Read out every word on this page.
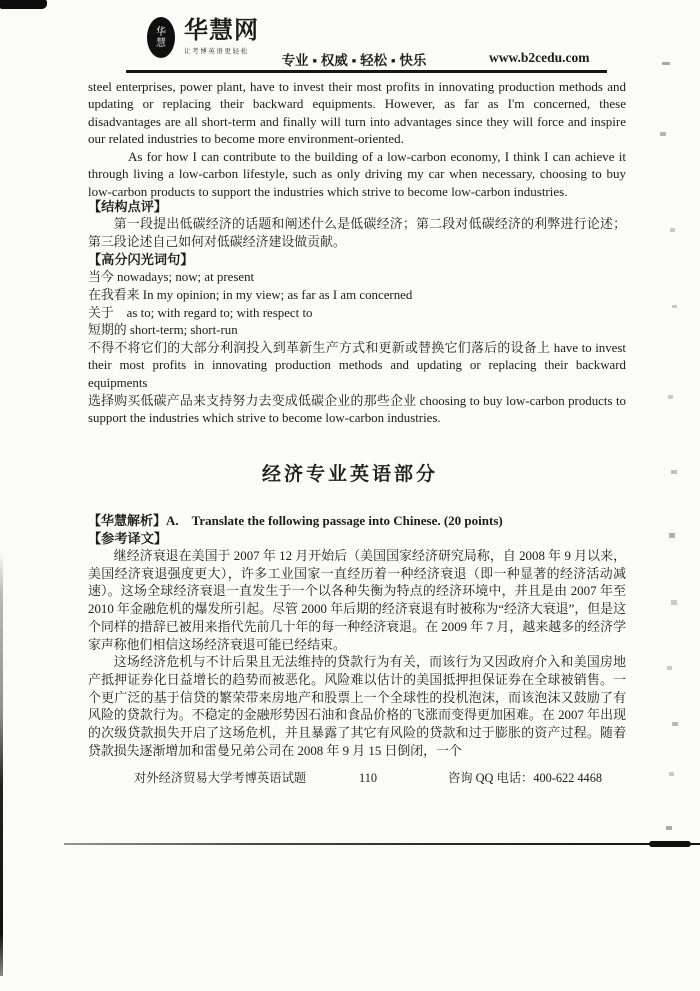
华慧 华慧网
让考博英语更轻松
专业 ▪ 权威 ▪ 轻松 ▪ 快乐	www.b2cedu.com

steel enterprises, power plant, have to invest their most profits in innovating production methods and updating or replacing their backward equipments. However, as far as I'm concerned, these disadvantages are all short-term and finally will turn into advantages since they will force and inspire our related industries to become more environment-oriented.

As for how I can contribute to the building of a low-carbon economy, I think I can achieve it through living a low-carbon lifestyle, such as only driving my car when necessary, choosing to buy low-carbon products to support the industries which strive to become low-carbon industries.

【结构点评】

第一段提出低碳经济的话题和阐述什么是低碳经济；第二段对低碳经济的利弊进行论述；第三段论述自己如何对低碳经济建设做贡献。

【高分闪光词句】

当今 nowadays; now; at present

在我看来 In my opinion; in my view; as far as I am concerned

关于　as to; with regard to; with respect to

短期的 short-term; short-run

不得不将它们的大部分利润投入到革新生产方式和更新或替换它们落后的设备上 have to invest their most profits in innovating production methods and updating or replacing their backward equipments

选择购买低碳产品来支持努力去变成低碳企业的那些企业 choosing to buy low-carbon products to support the industries which strive to become low-carbon industries.

经济专业英语部分

【华慧解析】A.　Translate the following passage into Chinese. (20 points)

【参考译文】

继经济衰退在美国于 2007 年 12 月开始后（美国国家经济研究局称，自 2008 年 9 月以来，美国经济衰退强度更大），许多工业国家一直经历着一种经济衰退（即一种显著的经济活动减速）。这场全球经济衰退一直发生于一个以各种失衡为特点的经济环境中，并且是由 2007 年至 2010 年金融危机的爆发所引起。尽管 2000 年后期的经济衰退有时被称为“经济大衰退”，但是这个同样的措辞已被用来指代先前几十年的每一种经济衰退。在 2009 年 7 月，越来越多的经济学家声称他们相信这场经济衰退可能已经结束。

这场经济危机与不计后果且无法维持的贷款行为有关，而该行为又因政府介入和美国房地产抵押证券化日益增长的趋势而被恶化。风险难以估计的美国抵押担保证券在全球被销售。一个更广泛的基于信贷的繁荣带来房地产和股票上一个全球性的投机泡沫，而该泡沫又鼓励了有风险的贷款行为。不稳定的金融形势因石油和食品价格的飞涨而变得更加困难。在 2007 年出现的次级贷款损失开启了这场危机，并且暴露了其它有风险的贷款和过于膨胀的资产过程。随着贷款损失逐渐增加和雷曼兄弟公司在 2008 年 9 月 15 日倒闭，一个

对外经济贸易大学考博英语试题	110	咨询 QQ 电话：400-622 4468
